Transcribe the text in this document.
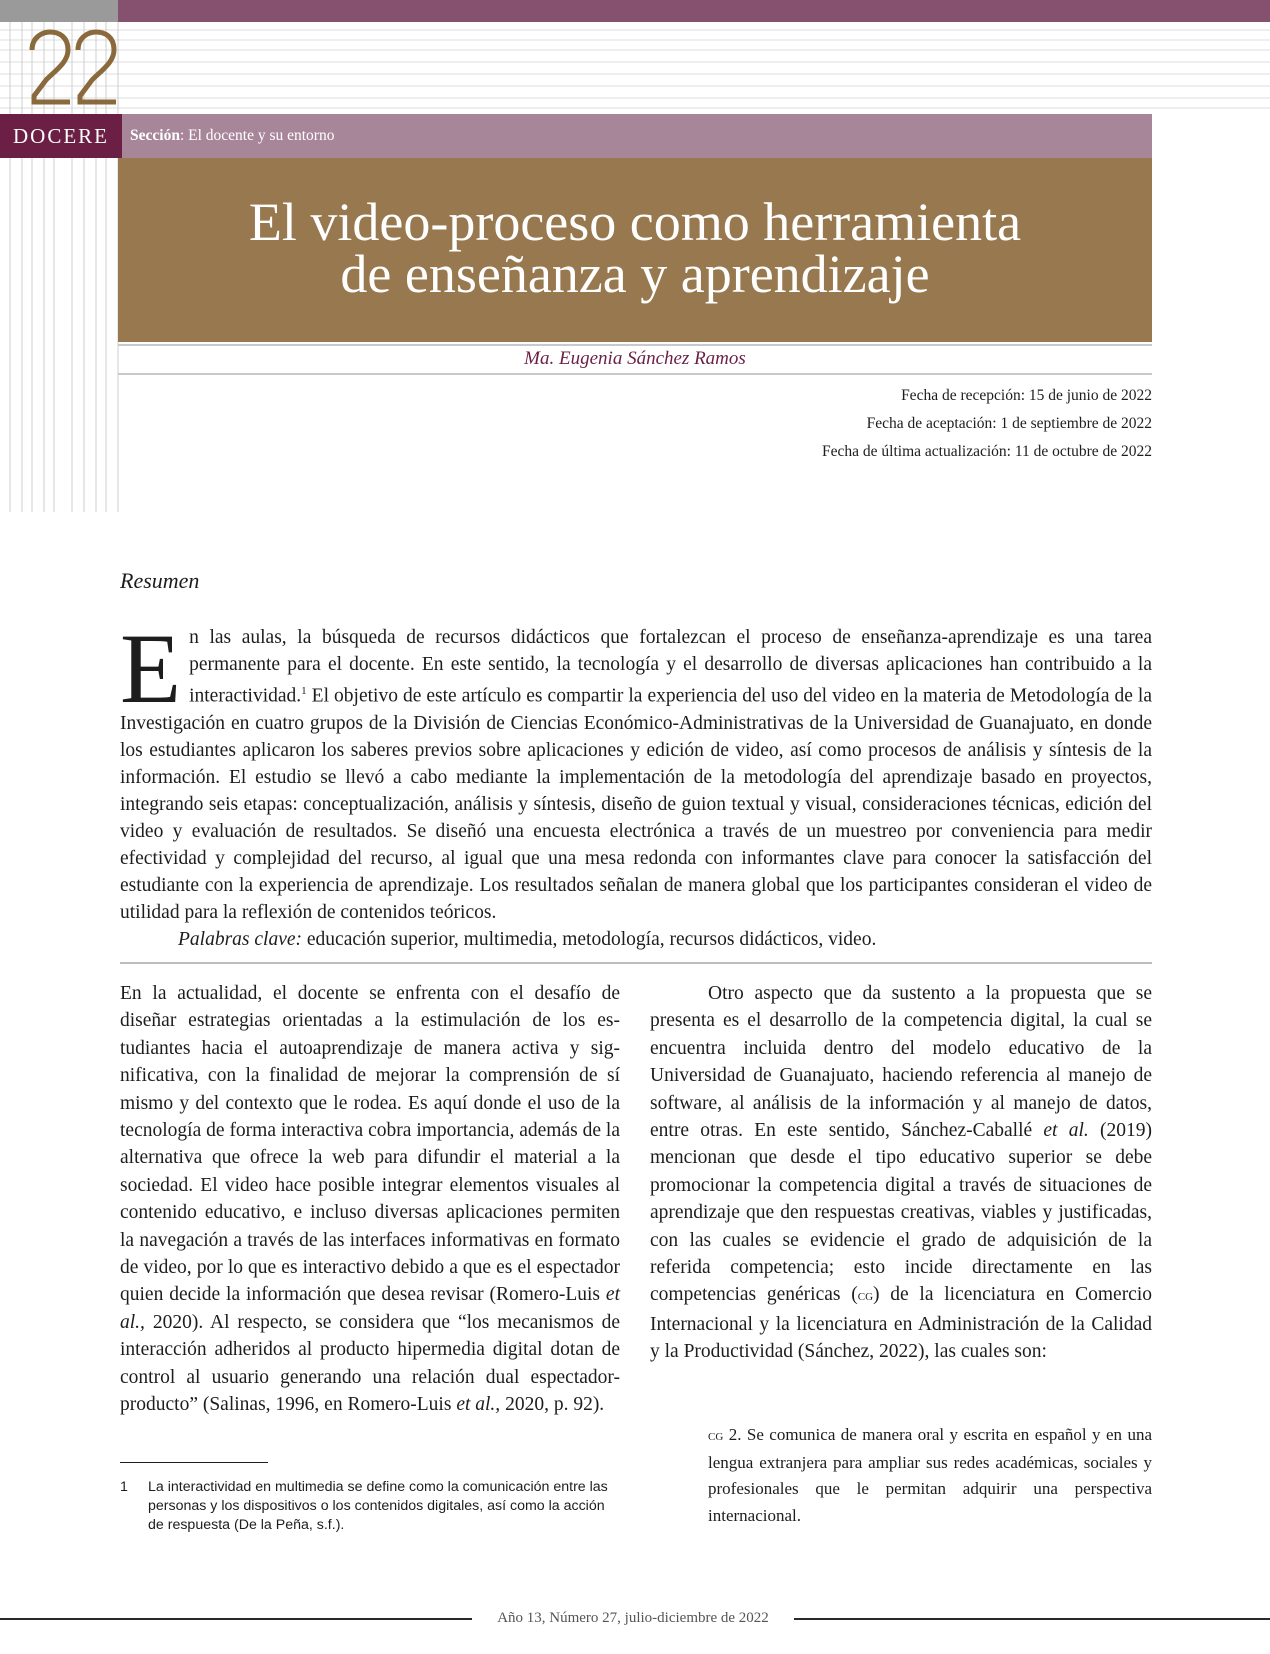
DOCERE	Sección: El docente y su entorno
El video-proceso como herramienta
de enseñanza y aprendizaje
Ma. Eugenia Sánchez Ramos
Fecha de recepción: 15 de junio de 2022
Fecha de aceptación: 1 de septiembre de 2022
Fecha de última actualización: 11 de octubre de 2022
Resumen
En las aulas, la búsqueda de recursos didácticos que fortalezcan el proceso de enseñanza-aprendizaje es una tarea permanente para el docente. En este sentido, la tecnología y el desarrollo de diversas aplicaciones han contribuido a la interactividad.$^1$ El objetivo de este artículo es compartir la experiencia del uso del video en la materia de Metodología de la Investigación en cuatro grupos de la División de Ciencias Económico-Administrativas de la Universidad de Guanajuato, en donde los estudiantes aplicaron los saberes previos sobre aplicaciones y edición de video, así como procesos de análisis y síntesis de la información. El estudio se llevó a cabo mediante la implementación de la metodología del aprendizaje basado en proyectos, integrando seis etapas: conceptualización, análisis y síntesis, diseño de guion textual y visual, consideraciones técnicas, edición del video y evaluación de resultados. Se diseñó una encuesta electrónica a través de un muestreo por conveniencia para medir efectividad y complejidad del recurso, al igual que una mesa redonda con informantes clave para conocer la satisfacción del estudiante con la experiencia de aprendizaje. Los resultados señalan de manera global que los participantes consideran el video de utilidad para la reflexión de contenidos teóricos.
Palabras clave: educación superior, multimedia, metodología, recursos didácticos, video.
En la actualidad, el docente se enfrenta con el desafío de diseñar estrategias orientadas a la estimulación de los estudiantes hacia el autoaprendizaje de manera activa y significativa, con la finalidad de mejorar la comprensión de sí mismo y del contexto que le rodea. Es aquí donde el uso de la tecnología de forma interactiva cobra importancia, además de la alternativa que ofrece la web para difundir el material a la sociedad. El video hace posible integrar elementos visuales al contenido educativo, e incluso diversas aplicaciones permiten la navegación a través de las interfaces informativas en formato de video, por lo que es interactivo debido a que es el espectador quien decide la información que desea revisar (Romero-Luis et al., 2020). Al respecto, se considera que “los mecanismos de interacción adheridos al producto hipermedia digital dotan de control al usuario generando una relación dual espectador-producto” (Salinas, 1996, en Romero-Luis et al., 2020, p. 92).
Otro aspecto que da sustento a la propuesta que se presenta es el desarrollo de la competencia digital, la cual se encuentra incluida dentro del modelo educativo de la Universidad de Guanajuato, haciendo referencia al manejo de software, al análisis de la información y al manejo de datos, entre otras. En este sentido, Sánchez-Caballé et al. (2019) mencionan que desde el tipo educativo superior se debe promocionar la competencia digital a través de situaciones de aprendizaje que den respuestas creativas, viables y justificadas, con las cuales se evidencie el grado de adquisición de la referida competencia; esto incide directamente en las competencias genéricas (cg) de la licenciatura en Comercio Internacional y la licenciatura en Administración de la Calidad y la Productividad (Sánchez, 2022), las cuales son:
cg 2. Se comunica de manera oral y escrita en español y en una lengua extranjera para ampliar sus redes académicas, sociales y profesionales que le permitan adquirir una perspectiva internacional.
1 La interactividad en multimedia se define como la comunicación entre las personas y los dispositivos o los contenidos digitales, así como la acción de respuesta (De la Peña, s.f.).
Año 13, Número 27, julio-diciembre de 2022
